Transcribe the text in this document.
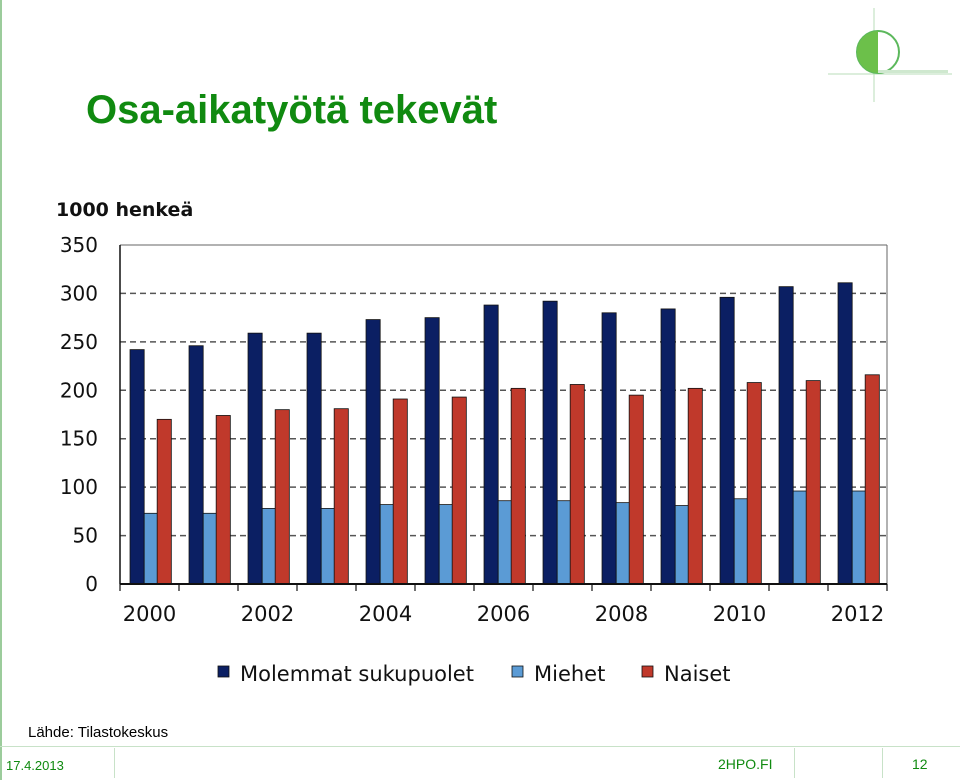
Osa-aikatyötä tekevät
1000 henkeä
0
50
100
150
200
250
300
350
2000	2002	2004	2006	2008	2010	2012
Molemmat sukupuolet	Miehet	Naiset
Lähde: Tilastokeskus
17.4.2013	2HPO.FI	12
